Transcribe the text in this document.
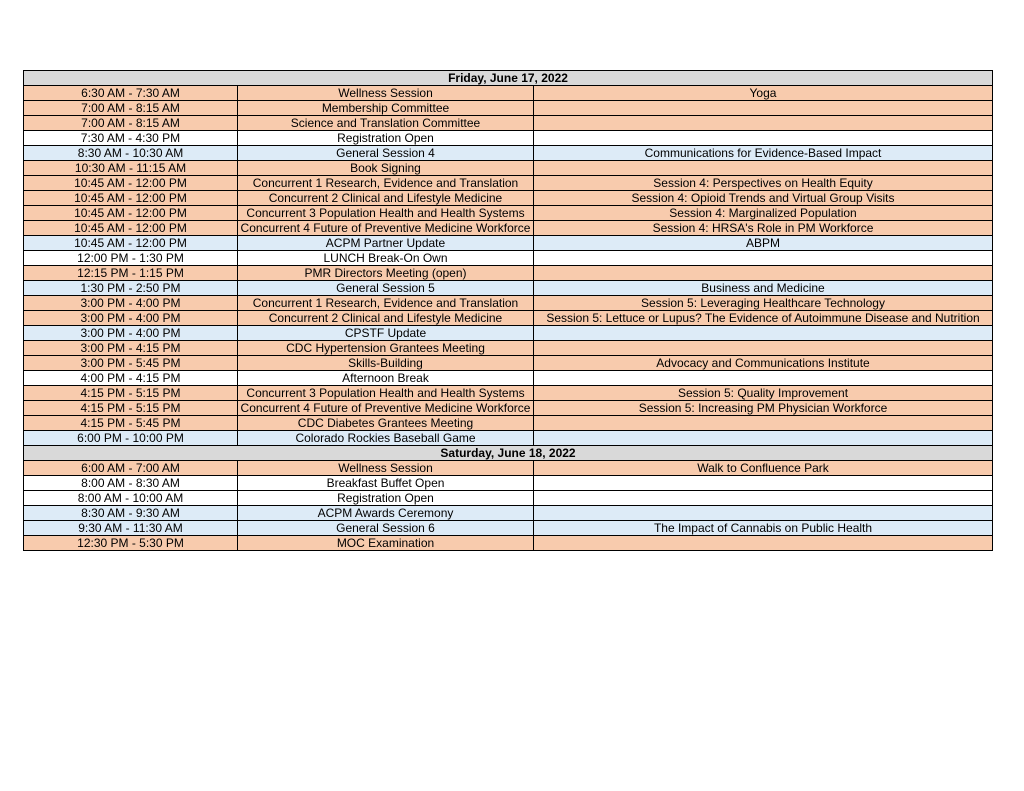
Friday, June 17, 2022		
6:30 AM - 7:30 AM	Wellness Session	Yoga
7:00 AM - 8:15 AM	Membership Committee	
7:00 AM - 8:15 AM	Science and Translation Committee	
7:30 AM - 4:30 PM	Registration Open	
8:30 AM - 10:30 AM	General Session 4	Communications for Evidence-Based Impact
10:30 AM - 11:15 AM	Book Signing	
10:45 AM - 12:00 PM	Concurrent 1 Research, Evidence and Translation	Session 4: Perspectives on Health Equity
10:45 AM - 12:00 PM	Concurrent 2 Clinical and Lifestyle Medicine	Session 4: Opioid Trends and Virtual Group Visits
10:45 AM - 12:00 PM	Concurrent 3 Population Health and Health Systems	Session 4: Marginalized Population
10:45 AM - 12:00 PM	Concurrent 4 Future of Preventive Medicine Workforce	Session 4: HRSA's Role in PM Workforce
10:45 AM - 12:00 PM	ACPM Partner Update	ABPM
12:00 PM - 1:30 PM	LUNCH Break-On Own	
12:15 PM - 1:15 PM	PMR Directors Meeting (open)	
1:30 PM - 2:50 PM	General Session 5	Business and Medicine
3:00 PM - 4:00 PM	Concurrent 1 Research, Evidence and Translation	Session 5: Leveraging Healthcare Technology
3:00 PM - 4:00 PM	Concurrent 2 Clinical and Lifestyle Medicine	Session 5: Lettuce or Lupus? The Evidence of Autoimmune Disease and Nutrition
3:00 PM - 4:00 PM	CPSTF Update	
3:00 PM - 4:15 PM	CDC Hypertension Grantees Meeting	
3:00 PM - 5:45 PM	Skills-Building	Advocacy and Communications Institute
4:00 PM - 4:15 PM	Afternoon Break	
4:15 PM - 5:15 PM	Concurrent 3 Population Health and Health Systems	Session 5: Quality Improvement
4:15 PM - 5:15 PM	Concurrent 4 Future of Preventive Medicine Workforce	Session 5: Increasing PM Physician Workforce
4:15 PM - 5:45 PM	CDC Diabetes Grantees Meeting	
6:00 PM - 10:00 PM	Colorado Rockies Baseball Game	
Saturday, June 18, 2022		
6:00 AM - 7:00 AM	Wellness Session	Walk to Confluence Park
8:00 AM - 8:30 AM	Breakfast Buffet Open	
8:00 AM - 10:00 AM	Registration Open	
8:30 AM - 9:30 AM	ACPM Awards Ceremony	
9:30 AM - 11:30 AM	General Session 6	The Impact of Cannabis on Public Health
12:30 PM - 5:30 PM	MOC Examination	
